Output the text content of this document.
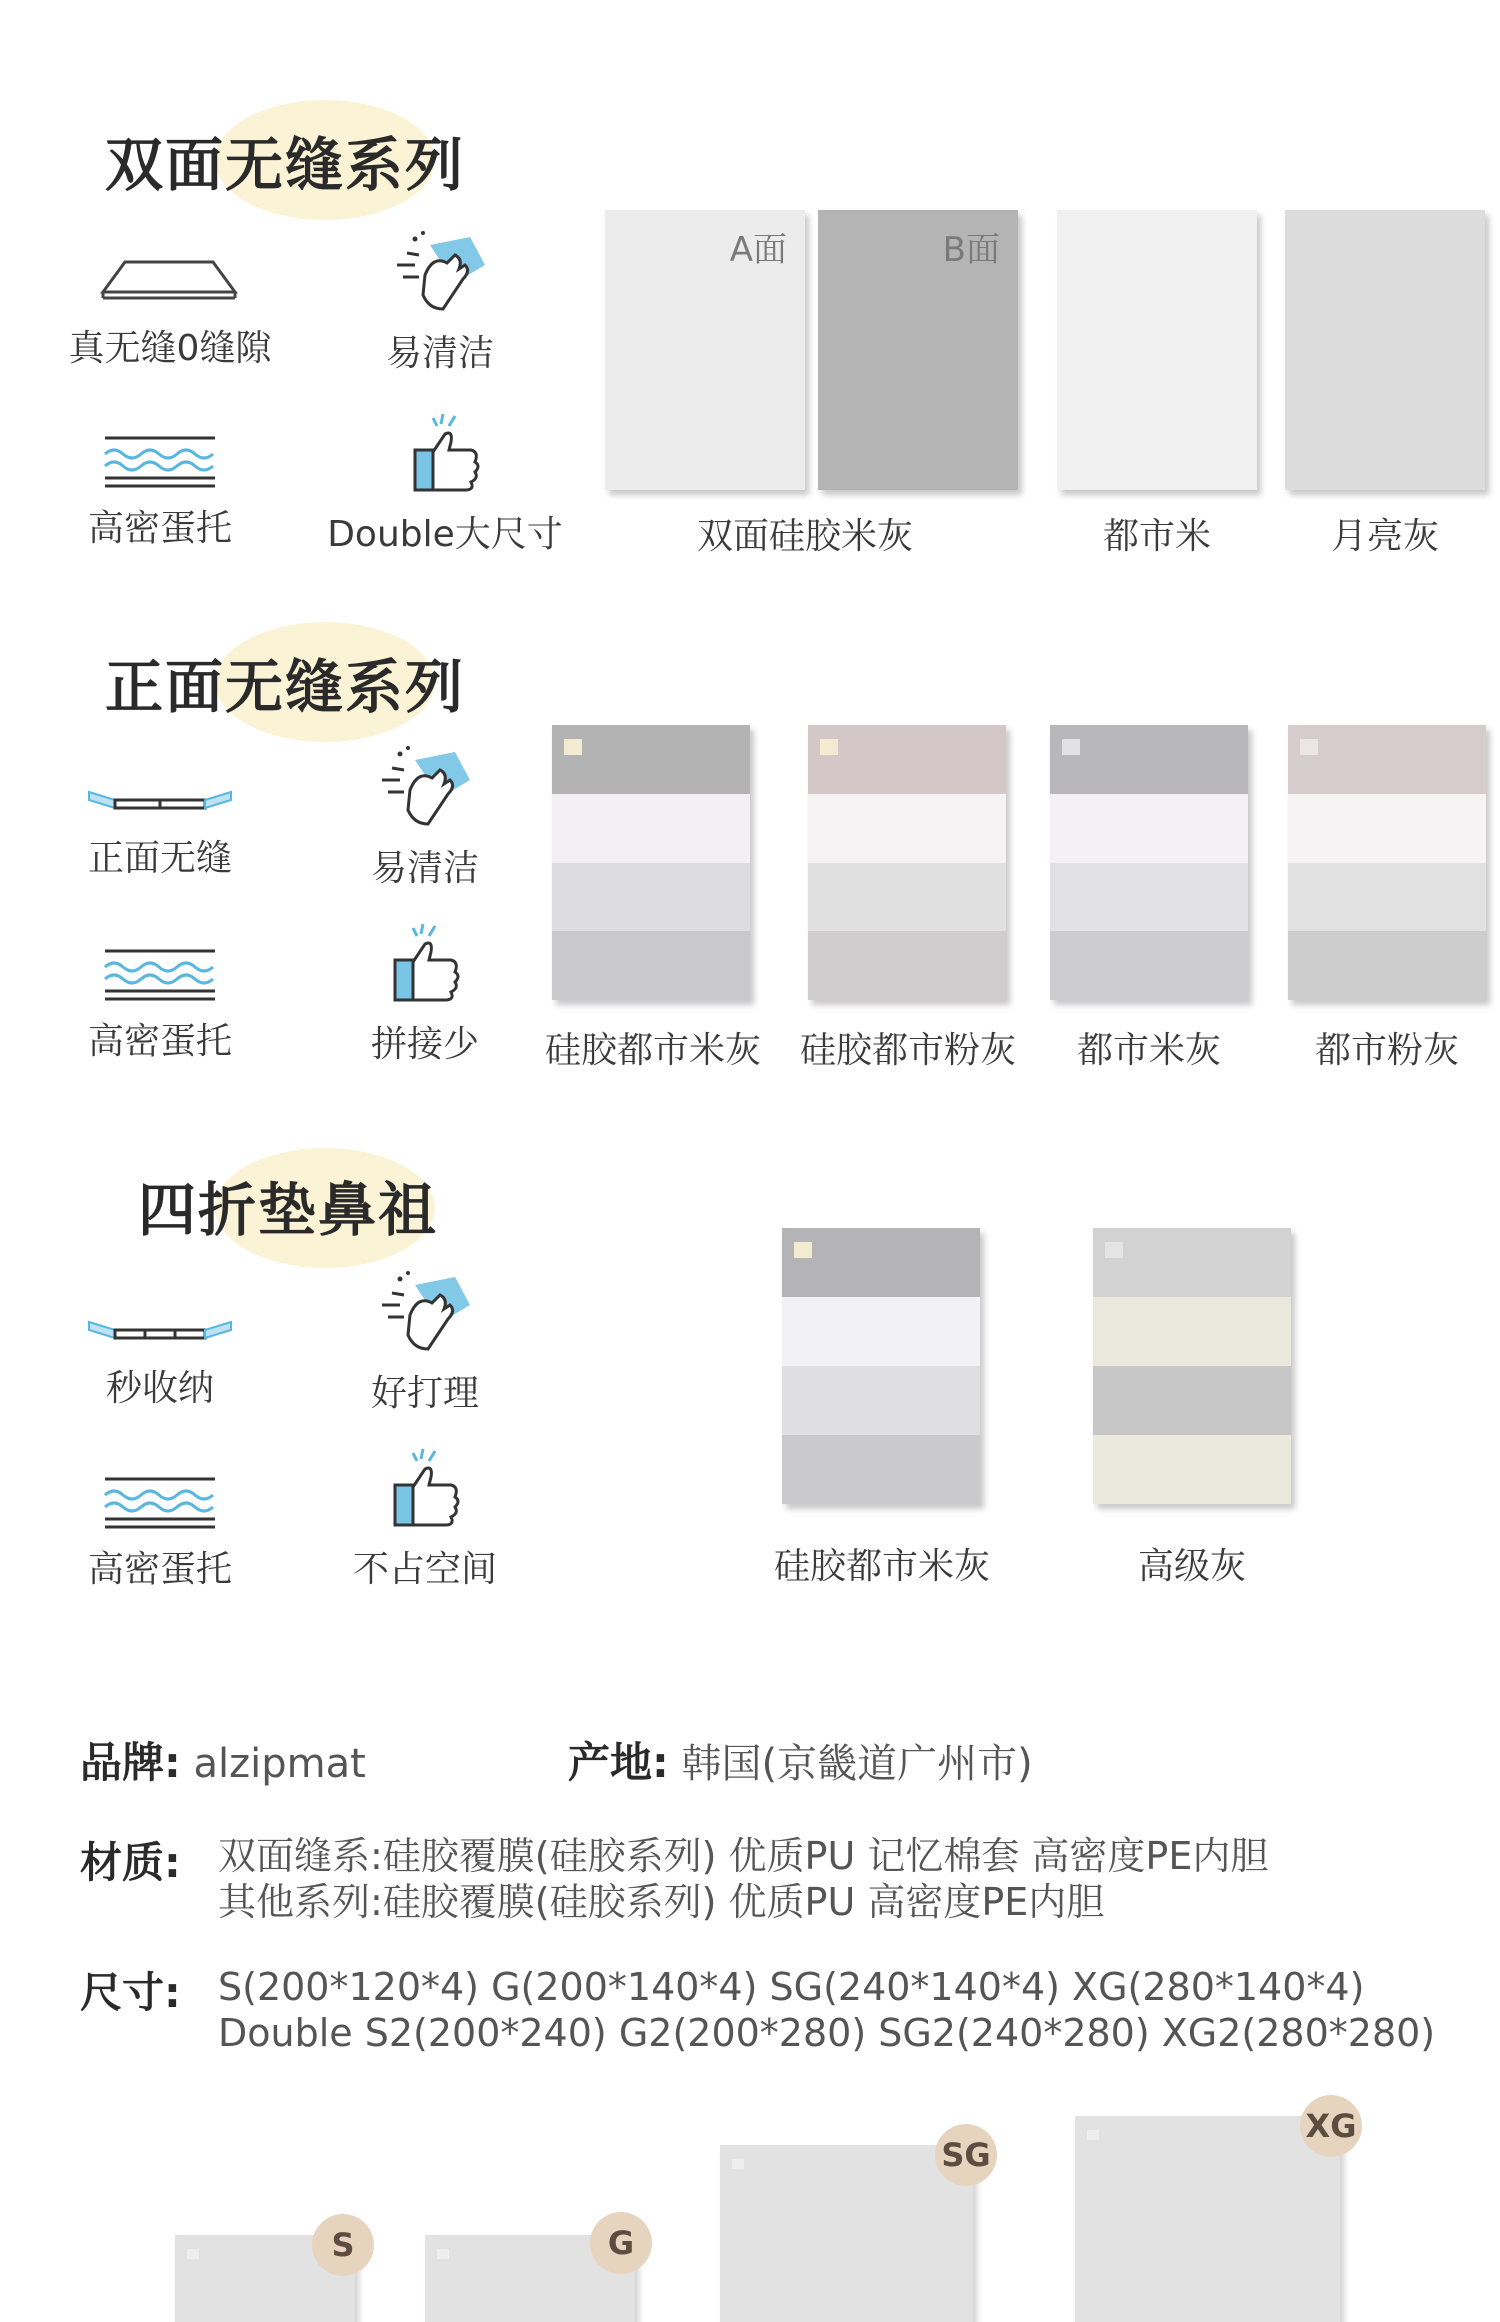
双面无缝系列
真无缝0缝隙	易清洁
高密蛋托	Double大尺寸
A面	B面
双面硅胶米灰	都市米	月亮灰
正面无缝系列
正面无缝	易清洁
高密蛋托	拼接少	硅胶都市米灰	硅胶都市粉灰	都市米灰	都市粉灰
四折垫鼻祖
秒收纳	好打理
高密蛋托	不占空间	硅胶都市米灰	高级灰
品牌: alzipmat	产地: 韩国(京畿道广州市)
材质: 双面缝系:硅胶覆膜(硅胶系列) 优质PU 记忆棉套 高密度PE内胆
其他系列:硅胶覆膜(硅胶系列) 优质PU 高密度PE内胆
尺寸: S(200*120*4) G(200*140*4) SG(240*140*4) XG(280*140*4)
Double S2(200*240) G2(200*280) SG2(240*280) XG2(280*280)
S	G
SG
XG
